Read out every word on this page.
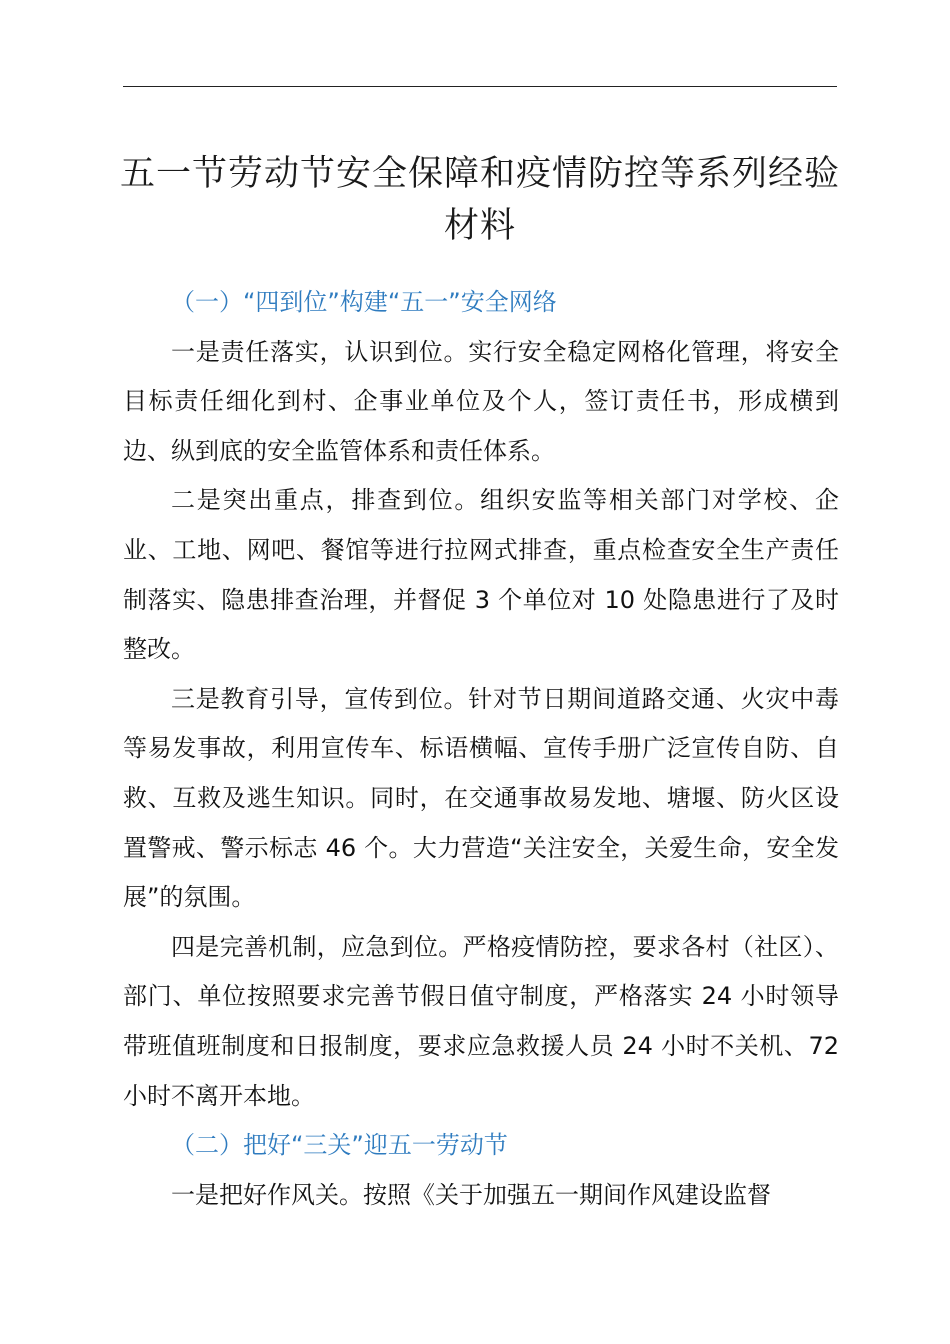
五一节劳动节安全保障和疫情防控等系列经验材料

（一）“四到位”构建“五一”安全网络

一是责任落实，认识到位。实行安全稳定网格化管理，将安全目标责任细化到村、企事业单位及个人，签订责任书，形成横到边、纵到底的安全监管体系和责任体系。

二是突出重点，排查到位。组织安监等相关部门对学校、企业、工地、网吧、餐馆等进行拉网式排查，重点检查安全生产责任制落实、隐患排查治理，并督促 3 个单位对 10 处隐患进行了及时整改。

三是教育引导，宣传到位。针对节日期间道路交通、火灾中毒等易发事故，利用宣传车、标语横幅、宣传手册广泛宣传自防、自救、互救及逃生知识。同时，在交通事故易发地、塘堰、防火区设置警戒、警示标志 46 个。大力营造“关注安全，关爱生命，安全发展”的氛围。

四是完善机制，应急到位。严格疫情防控，要求各村（社区）、部门、单位按照要求完善节假日值守制度，严格落实 24 小时领导带班值班制度和日报制度，要求应急救援人员 24 小时不关机、72 小时不离开本地。

（二）把好“三关”迎五一劳动节

一是把好作风关。按照《关于加强五一期间作风建设监督
